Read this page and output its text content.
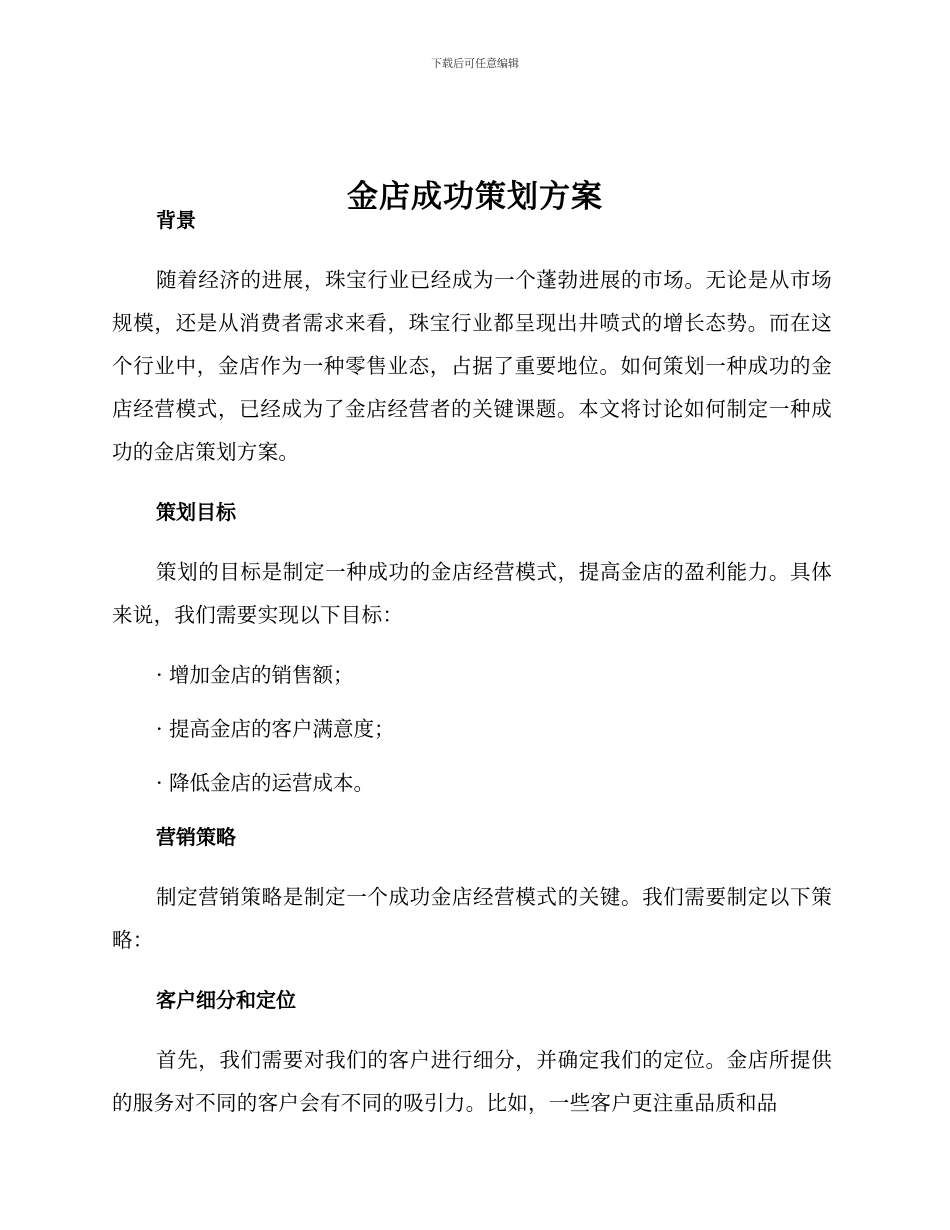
下载后可任意编辑
金店成功策划方案
背景

随着经济的进展，珠宝行业已经成为一个蓬勃进展的市场。无论是从市场规模，还是从消费者需求来看，珠宝行业都呈现出井喷式的增长态势。而在这个行业中，金店作为一种零售业态，占据了重要地位。如何策划一种成功的金店经营模式，已经成为了金店经营者的关键课题。本文将讨论如何制定一种成功的金店策划方案。

策划目标

策划的目标是制定一种成功的金店经营模式，提高金店的盈利能力。具体来说，我们需要实现以下目标：

· 增加金店的销售额；

· 提高金店的客户满意度；

· 降低金店的运营成本。

营销策略

制定营销策略是制定一个成功金店经营模式的关键。我们需要制定以下策略：

客户细分和定位

首先，我们需要对我们的客户进行细分，并确定我们的定位。金店所提供的服务对不同的客户会有不同的吸引力。比如，一些客户更注重品质和品
